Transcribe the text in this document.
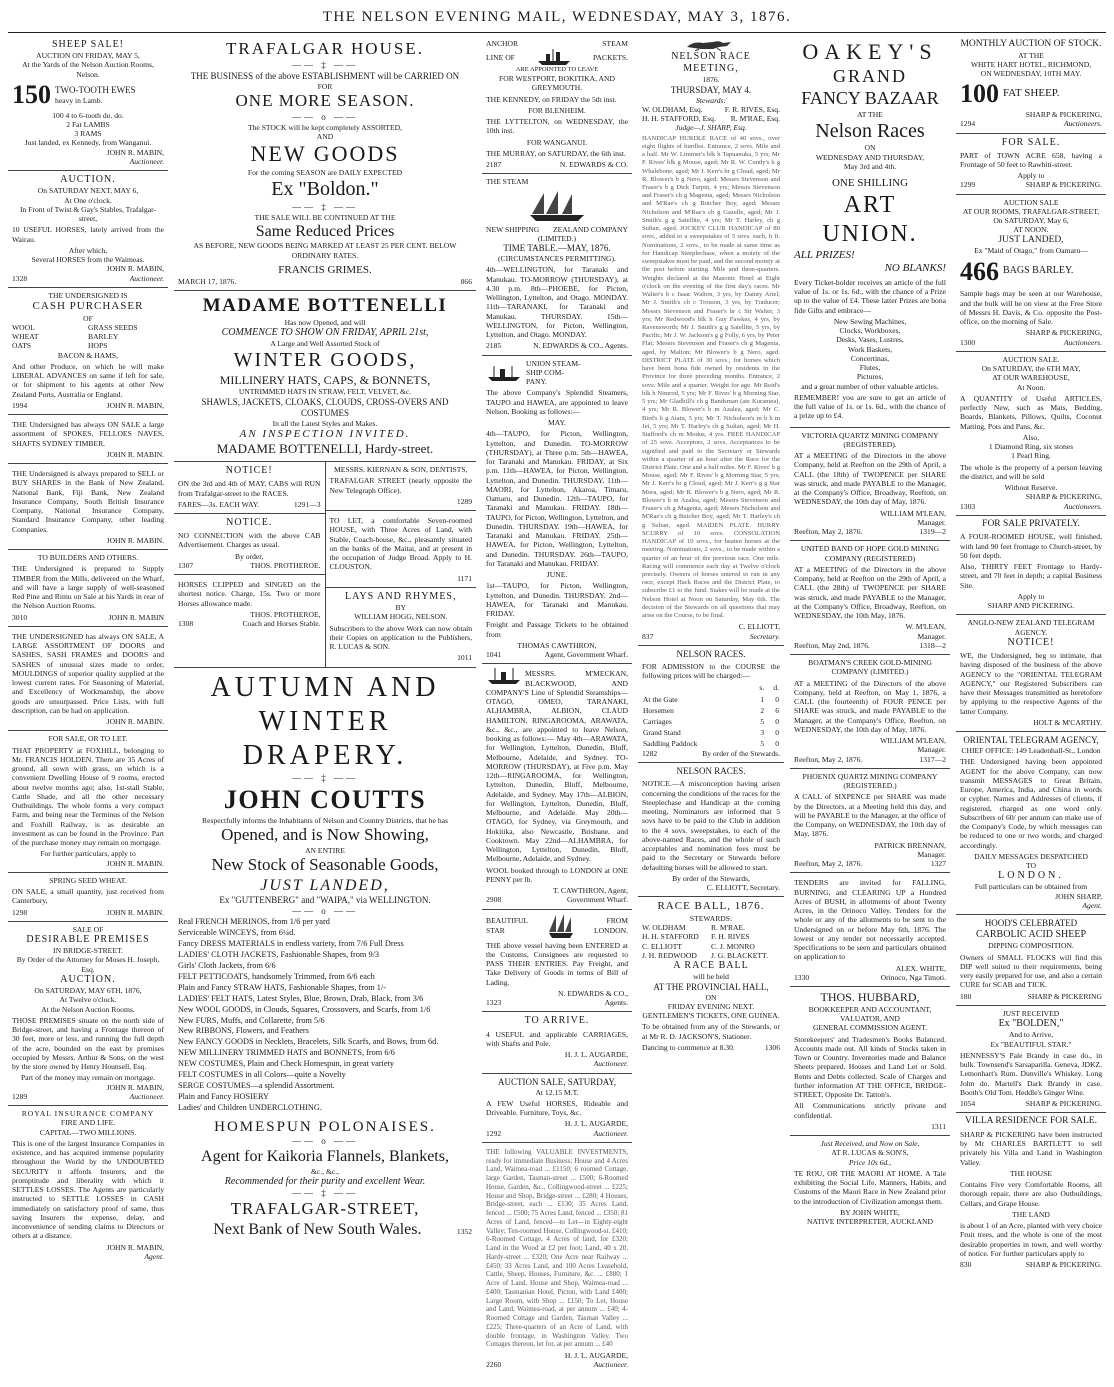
THE NELSON EVENING MAIL, WEDNESDAY, MAY 3, 1876.
SHEEP SALE!
AUCTION ON FRIDAY, MAY 5,
At the Yards of the Nelson Auction Rooms, Nelson.
150 TWO-TOOTH EWES
heavy in Lamb.
100 4 to 6-tooth do. do.
2 Fat LAMBS
3 RAMS
Just landed, ex Kennedy, from Wanganui.
JOHN R. MABIN,
Auctioneer.
AUCTION.
On SATURDAY NEXT, MAY 6,
At One o'clock.
In Front of Twist & Gay's Stables, Trafalgar-street,
10 USEFUL HORSES, lately arrived from the Wairau.
After which,
Several HORSES from the Waimeas.
JOHN R. MABIN,
1328	Auctioneer.
THE UNDERSIGNED IS
CASH PURCHASER
OF
WOOL	GRASS SEEDS
WHEAT	BARLEY
OATS	HOPS
BACON & HAMS,
And other Produce, on which he will make LIBERAL ADVANCES on same if left for sale, or for shipment to his agents at other New Zealand Ports, Australia or England.
1994	JOHN R. MABIN,
THE Undersigned has always ON SALE a large assortment of SPOKES, FELLOES NAVES, SHAFTS SYDNEY TIMBER.
JOHN R. MABIN.
THE Undersigned is always prepared to SELL or BUY SHARES in the Bank of New Zealand, National Bank, Fiji Bank, New Zealand Insurance Company, South British Insurance Company, National Insurance Company, Standard Insurance Company, other leading Companies.
JOHN R. MABIN.
TO BUILDERS AND OTHERS.
THE Undersigned is prepared to Supply TIMBER from the Mills, delivered on the Wharf, and will have a large supply of well-seasoned Red Pine and Rimu on Sale at his Yards in rear of the Nelson Auction Rooms.
3010	JOHN R. MABIN
THE UNDERSIGNED has always ON SALE, A LARGE ASSORTMENT OF DOORS and SASHES, SASH FRAMES and DOORS and SASHES of unusual sizes made to order, MOULDINGS of superior quality supplied at the lowest current rates. For Seasoning of Material, and Excellency of Workmanship, the above goods are unsurpassed. Price Lists, with full description, can be had on application.
JOHN R. MABIN.
FOR SALE, OR TO LET.
THAT PROPERTY at FOXHILL, belonging to Mr. FRANCIS HOLDEN. There are 35 Acres of ground, all sown with grass, on which is a convenient Dwelling House of 9 rooms, erected about twelve months ago; also, 1st-stall Stable, Cattle Shade, and all the other necessary Outbuildings. The whole forms a very compact Farm, and being near the Terminus of the Nelson and Foxhill Railway, is as desirable an investment as can be found in the Province. Part of the purchase money may remain on mortgage.
For further particulars, apply to
JOHN R. MABIN.
SPRING SEED WHEAT.
ON SALE, a small quantity, just received from Canterbury,
1298	JOHN R. MABIN.
SALE OF
DESIRABLE PREMISES
IN BRIDGE-STREET.
By Order of the Attorney for Moses H. Joseph, Esq.
AUCTION.
On SATURDAY, MAY 6TH, 1876,
At Twelve o'clock.
At the Nelson Auction Rooms.
THOSE PREMISES situate on the north side of Bridge-street, and having a Frontage thereon of 30 feet, more or less, and running the full depth of the acre, bounded on the east by premises occupied by Messrs. Arthur & Sons, on the west by the store owned by Henry Hounsell, Esq.
Part of the money may remain on mortgage.
JOHN R. MABIN,
1289	Auctioneer.
ROYAL INSURANCE COMPANY
FIRE AND LIFE.
CAPITAL—TWO MILLIONS.
This is one of the largest Insurance Companies in existence, and has acquired immense popularity throughout the World by the UNDOUBTED SECURITY it affords Insurers, and the promptitude and liberality with which it SETTLES LOSSES. The Agents are particularly instructed to SETTLE LOSSES in CASH immediately on satisfactory proof of same, thus saving Insurers the expense, delay, and inconvenience of sending claims to Directors or others at a distance.
JOHN R. MABIN,
Agent.
TRAFALGAR HOUSE.
—— ‡ ——
THE BUSINESS of the above ESTABLISHMENT will be CARRIED ON
FOR
ONE MORE SEASON.
—— o ——
The STOCK will be kept completely ASSORTED,
AND
NEW GOODS
For the coming SEASON are DAILY EXPECTED
Ex "Boldon."
—— ‡ ——
THE SALE WILL BE CONTINUED AT THE
Same Reduced Prices
AS BEFORE, NEW GOODS BEING MARKED AT LEAST 25 PER CENT. BELOW ORDINARY RATES.
FRANCIS GRIMES.
MARCH 17, 1876.	866
MADAME BOTTENELLI
Has now Opened, and will
COMMENCE TO SHOW ON FRIDAY, APRIL 21st,
A Large and Well Assorted Stock of
WINTER GOODS,
MILLINERY HATS, CAPS, & BONNETS,
UNTRIMMED HATS IN STRAW, FELT, VELVET, &c.
SHAWLS, JACKETS, CLOAKS, CLOUDS, CROSS-OVERS AND COSTUMES
In all the Latest Styles and Makes.
AN INSPECTION INVITED.
MADAME BOTTENELLI, Hardy-street.
NOTICE!
ON the 3rd and 4th of MAY, CABS will RUN from Trafalgar-street to the RACES.
FARES—3s. EACH WAY.	1291—3
NOTICE.
NO CONNECTION with the above CAB Advertisement. Charges as usual.
By order,
1307	THOS. PROTHEROE.
HORSES CLIPPED and SINGED on the shortest notice. Charge, 15s. Two or more Horses allowance made.
THOS. PROTHEROE,
1308	Coach and Horses Stable.
MESSRS. KIERNAN & SON, DENTISTS,
TRAFALGAR STREET (nearly opposite the New Telegraph Office).
1289
TO LET, a comfortable Seven-roomed HOUSE, with Three Acres of Land, with Stable, Coach-house, &c., pleasantly situated on the banks of the Maitai, and at present in the occupation of Judge Broad. Apply to H. CLOUSTON.
1171
LAYS AND RHYMES,
BY
WILLIAM HOGG, NELSON.
Subscribers to the above Work can now obtain their Copies on application to the Publishers, R. LUCAS & SON.
1011
AUTUMN AND
WINTER DRAPERY.
—— ‡ ——
JOHN COUTTS
Respectfully informs the Inhabitants of Nelson and Country Districts, that he has
Opened, and is Now Showing,
AN ENTIRE
New Stock of Seasonable Goods,
JUST LANDED,
Ex "GUTTENBERG" and "WAIPA," via WELLINGTON.
—— o ——
Real FRENCH MERINOS, from 1/6 per yard
Serviceable WINCEYS, from 6¼d.
Fancy DRESS MATERIALS in endless variety, from 7/6 Full Dress
LADIES' CLOTH JACKETS, Fashionable Shapes, from 9/3
Girls' Cloth Jackets, from 6/6
FELT PETTICOATS, handsomely Trimmed, from 6/6 each
Plain and Fancy STRAW HATS, Fashionable Shapes, from 1/-
LADIES' FELT HATS, Latest Styles, Blue, Brown, Drab, Black, from 3/6
New WOOL GOODS, in Clouds, Squares, Crossovers, and Scarfs, from 1/6
New FURS, Muffs, and Collarette, from 5/6
New RIBBONS, Flowers, and Feathers
New FANCY GOODS in Necklets, Bracelets, Silk Scarfs, and Bows, from 6d.
NEW MILLINERY TRIMMED HATS and BONNETS, from 6/6
NEW COSTUMES, Plain and Check Homespun, in great variety
FELT COSTUMES in all Colors—quite a Novelty
SERGE COSTUMES—a splendid Assortment.
Plain and Fancy HOSIERY
Ladies' and Children UNDERCLOTHING.
HOMESPUN POLONAISES.
—— o ——
Agent for Kaikoria Flannels, Blankets,
&c., &c.,
Recommended for their purity and excellent Wear.
—— ‡ ——
TRAFALGAR-STREET,
Next Bank of New South Wales.	1352
ANCHOR	STEAM
LINE OF	PACKETS.
ARE APPOINTED TO LEAVE
FOR WESTPORT, BOKITIKA, AND GREYMOUTH.
THE KENNEDY, on FRIDAY the 5th inst.
FOR BLENHEIM.
THE LYTTELTON, on WEDNESDAY, the 10th inst.
FOR WANGANUI.
THE MURRAY, on SATURDAY, the 6th inst.
2187	N. EDWARDS & CO.
THE STEAM
NEW SHIPPING ZEALAND COMPANY
(LIMITED.)
TIME TABLE.—MAY, 1876.
(CIRCUMSTANCES PERMITTING).
4th—WELLINGTON, for Taranaki and Manukau. TO-MORROW (THURSDAY), at 4.30 p.m. 8th—PHOEBE, for Picton, Wellington, Lyttelton, and Otago. MONDAY. 11th—TARANAKI, for Taranaki and Manukau. THURSDAY. 15th—WELLINGTON, for Picton, Wellington, Lyttelton, and Otago. MONDAY.
2185	N. EDWARDS & CO., Agents.
UNION STEAM-
SHIP COM-
PANY.
The above Company's Splendid Steamers, TAUPO and HAWEA, are appointed to leave Nelson, Booking as follows:—
MAY.
4th—TAUPO, for Picton, Wellington, Lyttelton, and Dunedin. TO-MORROW (THURSDAY), at Three p.m. 5th—HAWEA, for Taranaki and Manukau. FRIDAY, at Six p.m. 11th—HAWEA, for Picton, Wellington, Lyttelton, and Dunedin. THURSDAY. 11th—MAORI, for Lyttelton, Akaroa, Timaru, Oamaru, and Dunedin. 12th—TAUPO, for Taranaki and Manukau. FRIDAY. 18th—TAUPO, for Picton, Wellington, Lyttelton, and Dunedin. THURSDAY. 19th—HAWEA, for Taranaki and Manukau. FRIDAY. 25th—HAWEA, for Picton, Wellington, Lyttelton, and Dunedin. THURSDAY. 26th—TAUPO, for Taranaki and Manukau. FRIDAY.
JUNE.
1st—TAUPO, for Picton, Wellington, Lyttelton, and Dunedin. THURSDAY. 2nd—HAWEA, for Taranaki and Manukau. FRIDAY.
Freight and Passage Tickets to be obtained from
THOMAS CAWTHRON,
1041	Agent, Government Wharf.
MESSRS. M'MECKAN, BLACKWOOD, AND COMPANY'S Line of Splendid Steamships—OTAGO, OMEO, TARANAKI, ALHAMBRA, ALBION, CLAUD HAMILTON, RINGAROOMA, ARAWATA, &c., &c., are appointed to leave Nelson, booking as follows:— May 4th—ARAWATA, for Wellington, Lyttelton, Dunedin, Bluff, Melbourne, Adelaide, and Sydney. TO-MORROW (THURSDAY), at Five p.m. May 12th—RINGAROOMA, for Wellington, Lyttelton, Dunedin, Bluff, Melbourne, Adelaide, and Sydney. May 17th—ALBION, for Wellington, Lyttelton, Dunedin, Bluff, Melbourne, and Adelaide. May 20th—OTAGO, for Sydney, via Greymouth, and Hokitika, also Newcastle, Brisbane, and Cooktown. May 22nd—ALHAMBRA, for Wellington, Lyttelton, Dunedin, Bluff, Melbourne, Adelaide, and Sydney.
WOOL booked through to LONDON at ONE PENNY per lb.
T. CAWTHRON, Agent,
2908	Government Wharf.
BEAUTIFUL
STAR
FROM
LONDON.
THE above vessel having been ENTERED at the Customs, Consignees are requested to PASS THEIR ENTRIES. Pay Freight, and Take Delivery of Goods in terms of Bill of Lading.
N. EDWARDS & CO.,
1323	Agents.
TO ARRIVE.
4 USEFUL and applicable CARRIAGES, with Shafts and Pole.
H. J. L. AUGARDE,
Auctioneer.
AUCTION SALE, SATURDAY,
At 12.15 M.T.
A FEW Useful HORSES, Rideable and Driveable. Furniture, Toys, &c.
H. J. L. AUGARDE,
1292	Auctioneer.
THE following VALUABLE INVESTMENTS, ready for immediate Business: House and 4 Acres Land, Waimea-road ... £1150; 6 roomed Cottage, large Garden, Tasman-street ... £500; 6-Roomed House, Garden, &c., Collingwood-street ... £225; House and Shop, Bridge-street ... £280; 4 Houses, Bridge-street, each ... £130; 35 Acres Land, fenced ... £500; 75 Acres Land, fenced ... £350; 81 Acres of Land, fenced—to Let—in Eighty-eight Valley; Ten-roomed House, Collingwood-st. £410; 6-Roomed Cottage, 4 Acres of land, for £320; Land in the Wood at £2 per foot; Land, 40 x 20, Hardy-street ... £320; One Acre near Railway ... £450; 33 Acres Land, and 100 Acres Leasehold, Cattle, Sheep, Houses, Furniture, &c. ... £800; 1 Acre of Land, House and Shop, Waimea-road ... £400; Tasmanian Hotel, Picton, with Land £400; Large Room, with Shop ... £150; To Let, House and Land, Waimea-road, at per annum ... £40; 4-Roomed Cottage and Garden, Tasman Valley ... £225; Three-quarters of an Acre of Land, with double frontage, in Washington Valley. Two Cottages thereon, let for, at per annum ... £40
H. J. L. AUGARDE,
2260	Auctioneer.
NELSON RACE MEETING,
1876.
THURSDAY, MAY 4.
Stewards:
W. OLDHAM, Esq.	F. R. RIVES, Esq.
H. H. STAFFORD, Esq. R. M'RAE, Esq.
Judge—J. SHARP, Esq.
HANDICAP HURDLE RACE of 40 sovs., over eight flights of hurdles. Entrance, 2 sovs. Mile and a half. Mr W. Limmer's blk h Tapuanuka, 5 yrs; Mr F. Rives' blk g Mouse, aged; Mr R. W. Cundy's b g Whalebone, aged; Mr J. Kerr's br g Cloud, aged; Mr R. Blower's b g Nero, aged; Messrs Stevenson and Fraser's b g Dick Turpin, 4 yrs; Messrs Stevenson and Fraser's ch g Magenta, aged; Messrs Nicholson and M'Rae's ch g Butcher Boy, aged; Messrs Nicholson and M'Rae's ch g Gazelle, aged; Mr J. Smith's g g Satellite, 4 yrs; Mr T. Harley, ch g Sultan, aged. JOCKEY CLUB HANDICAP of 80 sovs., added to a sweepstakes of 5 sovs. each, h ft. Nominations, 2 sovs., to be made at same time as for Handicap Steeplechase, when a moiety of the sweepstakes must be paid, and the second moiety at the post before starting. Mile and three-quarters. Weights declared at the Masonic Hotel at Eight o'clock on the evening of the first day's races. Mr Walter's b c Isaac Walton, 3 yrs, by Dainty Ariel; Mr J. Smith's ch c Trosson, 3 yrs, by Traducer; Messrs Stevenson and Fraser's br c Sir Walter, 3 yrs; Mr Redwood's blk h Guy Fawkes, 4 yrs, by Ravensworth; Mr J. Smith's g g Satellite, 5 yrs, by Pacific; Mr J. W. Jackson's g g Folly, 6 yrs, by Peter Flat; Messrs Stevenson and Fraser's ch g Magenta, aged, by Malton; Mr Blower's b g Nero, aged. DISTRICT PLATE of 30 sovs., for horses which have been bona fide owned by residents in the Province for three preceding months. Entrance, 2 sovs. Mile and a quarter. Weight for age. Mr Reid's blk h Nimrod, 5 yrs; Mr F. Rives' b g Morning Star, 5 yrs; Mr Gladhill's ch g Bandsman (ate Kuramea), 4 yrs; Mr R. Blower's b m Azalea, aged; Mr C. Bird's b g Atatu, 5 yrs; Mr T. Nicholson's m b h m Jet, 5 yrs; Mr T. Harley's ch g Sultan, aged; Mr H. Stafford's ch m Modus, 4 yrs. FREE HANDICAP of 25 sovs. Acceptors, 2 sovs. Acceptances to be signified and paid to the Secretary or Stewards within a quarter of an hour after the Race for the District Plate. One and a half miles. Mr F. Rives' b g Mouse, aged; Mr F. Rives' b g Morning Star, 5 yrs; Mr J. Kerr's br g Cloud, aged; Mr J. Kerr's g g Star Mora, aged; Mr R. Blower's b g Nero, aged; Mr R. Blower's b m Azalea, aged; Messrs Stevenson and Fraser's ch g Magenta, aged; Messrs Nicholson and M'Rae's ch g Butcher Boy, aged; Mr T. Harley's ch g Sultan, aged. MAIDEN PLATE. HURRY SCURRY of 10 sovs. CONSOLATION HANDICAP of 10 sovs., for beaten horses at the meeting. Nominations, 2 sovs., to be made within a quarter of an hour of the previous race. One mile. Racing will commence each day at Twelve o'clock precisely. Owners of horses entered to run in any race, except Hack Races and the District Plate, to subscribe £1 to the fund. Stakes will be made at the Nelson Hotel at Noon on Saturday, May 6th. The decision of the Stewards on all questions that may arise on the Course, to be final.
C. ELLIOTT,
837	Secretary.
NELSON RACES.
FOR ADMISSION to the COURSE the following prices will be charged:—
	s.	d.
At the Gate	1	0
Horsemen	2	6
Carriages	5	0
Grand Stand	3	0
Saddling Paddock	5	0
1282	By order of the Stewards.
NELSON RACES.
NOTICE.—A misconception having arisen concerning the conditions of the races for the Steeplechase and Handicap at the coming meeting, Nominators are informed that 5 sovs have to be paid to the Club in addition to the 4 sovs. sweepstakes, to each of the above-named Races, and the whole of such acceptables and nomination fees must be paid to the Secretary or Stewards before defaulting horses will be allowed to start.
By order of the Stewards,
C. ELLIOTT, Secretary.
RACE BALL, 1876.
STEWARDS:
W. OLDHAM	R. M'RAE.
H. H. STAFFORD	F. H. RIVES
C. ELLIOTT	C. J. MONRO
J. H. REDWOOD	J. G. BLACKETT.
A RACE BALL
will be held
AT THE PROVINCIAL HALL,
ON
FRIDAY EVENING NEXT.
GENTLEMEN'S TICKETS, ONE GUINEA.
To be obtained from any of the Stewards, or at Mr R. D. JACKSON'S, Stationer.
Dancing to commence at 8.30.	1306
OAKEY'S
GRAND
FANCY BAZAAR
AT THE
Nelson Races
ON
WEDNESDAY AND THURSDAY,
May 3rd and 4th.
ONE SHILLING
ART UNION.
ALL PRIZES!
NO BLANKS!
Every Ticket-holder receives an article of the full value of 1s. or 1s. 6d., with the chance of a Prize up to the value of £4. These latter Prizes are bona fide Gifts and embrace—
New Sewing Machines,
Clocks, Workboxes,
Desks, Vases, Lustres,
Work Baskets,
Concertinas,
Flutes,
Pictures,
and a great number of other valuable articles.
REMEMBER! you are sure to get an article of the full value of 1s. or 1s. 6d., with the chance of a prize up to £4.
VICTORIA QUARTZ MINING COMPANY (REGISTERED).
AT a MEETING of the Directors in the above Company, held at Reefton on the 29th of April, a CALL (the 18th) of TWOPENCE per SHARE was struck, and made PAYABLE to the Manager, at the Company's Office, Broadway, Reefton, on WEDNESDAY, the 10th day of May, 1876.
WILLIAM M'LEAN,
Manager.
Reefton, May 2, 1876.	1319—2
UNITED BAND OF HOPE GOLD MINING COMPANY (REGISTERED)
AT a MEETING of the Directors in the above Company, held at Reefton on the 29th of April, a CALL (the 28th) of TWOPENCE per SHARE was struck, and made PAYABLE to the Manager, at the Company's Office, Broadway, Reefton, on WEDNESDAY, the 10th May, 1876.
W. M'LEAN,
Manager.
Reefton, May 2nd, 1876.	1318—2
BOATMAN'S CREEK GOLD-MINING COMPANY (LIMITED.)
AT a MEETING of the Directors of the above Company, held at Reefton, on May 1, 1876, a CALL (the fourteenth) of FOUR PENCE per SHARE was struck, and made PAYABLE to the Manager, at the Company's Office, Reefton, on WEDNESDAY, the 10th day of May, 1876.
WILLIAM M'LEAN,
Manager.
Reefton, May 2, 1876.	1317—2
PHOENIX QUARTZ MINING COMPANY (REGISTERED.)
A CALL of SIXPENCE per SHARE was made by the Directors, at a Meeting held this day, and will be PAYABLE to the Manager, at the office of the Company, on WEDNESDAY, the 10th day of May, 1876.
PATRICK BRENNAN,
Manager.
Reefton, May 2, 1876.	1327
TENDERS are invited for FALLING, BURNING, and CLEARING UP a Hundred Acres of BUSH, in allotments of about Twenty Acres, in the Orinoco Valley. Tenders for the whole or any of the allotments to be sent to the Undersigned on or before May 6th, 1876. The lowest or any tender not necessarily accepted. Specifications to be seen and particulars obtained on application to
ALEX. WHITE,
1330	Orinoco, Nga Timoti.
THOS. HUBBARD,
BOOKKEEPER AND ACCOUNTANT,
VALUATOR, AND
GENERAL COMMISSION AGENT.
Storekeepers' and Tradesmen's Books Balanced. Accounts made out. All kinds of Stocks taken in Town or Country. Inventories made and Balance Sheets prepared. Houses and Land Let or Sold. Rents and Debts collected. Scale of Charges and further information AT THE OFFICE, BRIDGE-STREET, Opposite Dr. Tatton's.
All Communications strictly private and confidential.
1311
Just Received, and Now on Sale,
AT R. LUCAS & SON'S,
Price 10s 6d.,
TE ROU, OR THE MAORI AT HOME. A Tale exhibiting the Social Life, Manners, Habits, and Customs of the Maori Race in New Zealand prior to the introduction of Civilization amongst them.
BY JOHN WHITE,
NATIVE INTERPRETER, AUCKLAND
MONTHLY AUCTION OF STOCK.
AT THE
WHITE HART HOTEL, RICHMOND,
ON WEDNESDAY, 10TH MAY.
100 FAT SHEEP.
SHARP & PICKERING,
1294	Auctioneers.
FOR SALE.
PART of TOWN ACRE 658, having a Frontage of 50 feet to Rawhiti-street.
Apply to
1299	SHARP & PICKERING.
AUCTION SALE
AT OUR ROOMS, TRAFALGAR-STREET,
On SATURDAY, May 6,
AT NOON.
JUST LANDED,
Ex "Maid of Otago," from Oamaru—
466 BAGS BARLEY.
Sample bags may be seen at our Warehouse, and the bulk will be on view at the Free Store of Messrs H. Davis, & Co. opposite the Post-office, on the morning of Sale.
SHARP & PICKERING,
1300	Auctioneers.
AUCTION SALE.
On SATURDAY, the 6TH MAY,
AT OUR WAREHOUSE,
At Noon.
A QUANTITY of Useful ARTICLES, perfectly New, such as Mats, Bedding, Boards, Blankets, Pillows, Quilts, Coconut Matting, Pots and Pans, &c.
Also,
1 Diamond Ring, six stones
1 Pearl Ring.
The whole is the property of a person leaving the district, and will be sold
Without Reserve.
SHARP & PICKERING,
1303	Auctioneers.
FOR SALE PRIVATELY.
A FOUR-ROOMED HOUSE, well finished, with land 90 feet frontage to Church-street, by 50 feet depth.
Also, THIRTY FEET Frontage to Hardy-street, and 70 feet in depth; a capital Business Site.
Apply to
SHARP AND PICKERING.
ANGLO-NEW ZEALAND TELEGRAM AGENCY.
NOTICE!
WE, the Undersigned, beg to intimate, that having disposed of the business of the above AGENCY to the "ORIENTAL TELEGRAM AGENCY," our Registered Subscribers can have their Messages transmitted as heretofore by applying to the respective Agents of the latter Company.
HOLT & M'CARTHY.
ORIENTAL TELEGRAM AGENCY,
CHIEF OFFICE: 149 Leadenhall-St., London
THE Undersigned having been appointed AGENT for the above Company, can now transmit MESSAGES to Great Britain, Europe, America, India, and China in words or cypher. Names and Addresses of clients, if registered, charged as one word only. Subscribers of 60/ per annum can make use of the Company's Code, by which messages can be reduced to one or two words, and charged accordingly.
DAILY MESSAGES DESPATCHED
TO
LONDON.
Full particulars can be obtained from
JOHN SHARP,
Agent.
HOOD'S CELEBRATED
CARBOLIC ACID SHEEP
DIPPING COMPOSITION.
Owners of SMALL FLOCKS will find this DIP well suited to their requirements, being very easily prepared for use, and also a certain CURE for SCAB and TICK.
180	SHARP & PICKERING
JUST RECEIVED
Ex "BOLDEN,"
And to Arrive,
Ex "BEAUTIFUL STAR."
HENNESSY'S Pale Brandy in case do., in bulk. Townsend's Sarsaparilla. Geneva, JDKZ. Lemonhart's Rum. Dunville's Whiskey. Long John do. Martell's Dark Brandy in case. Booth's Old Tom. Heddle's Ginger Wine.
1054	SHARP & PICKERING.
VILLA RESIDENCE FOR SALE.
SHARP & PICKERING have been instructed by Mr CHARLES BARTLETT to sell privately his Villa and Land in Washington Valley.
THE HOUSE
Contains Five very Comfortable Rooms, all thorough repair, there are also Outbuildings, Cellars, and Grape House.
THE LAND
is about 1 of an Acre, planted with very choice Fruit trees, and the whole is one of the most desirable properties in town, and well worthy of notice. For further particulars apply to
830	SHARP & PICKERING.
